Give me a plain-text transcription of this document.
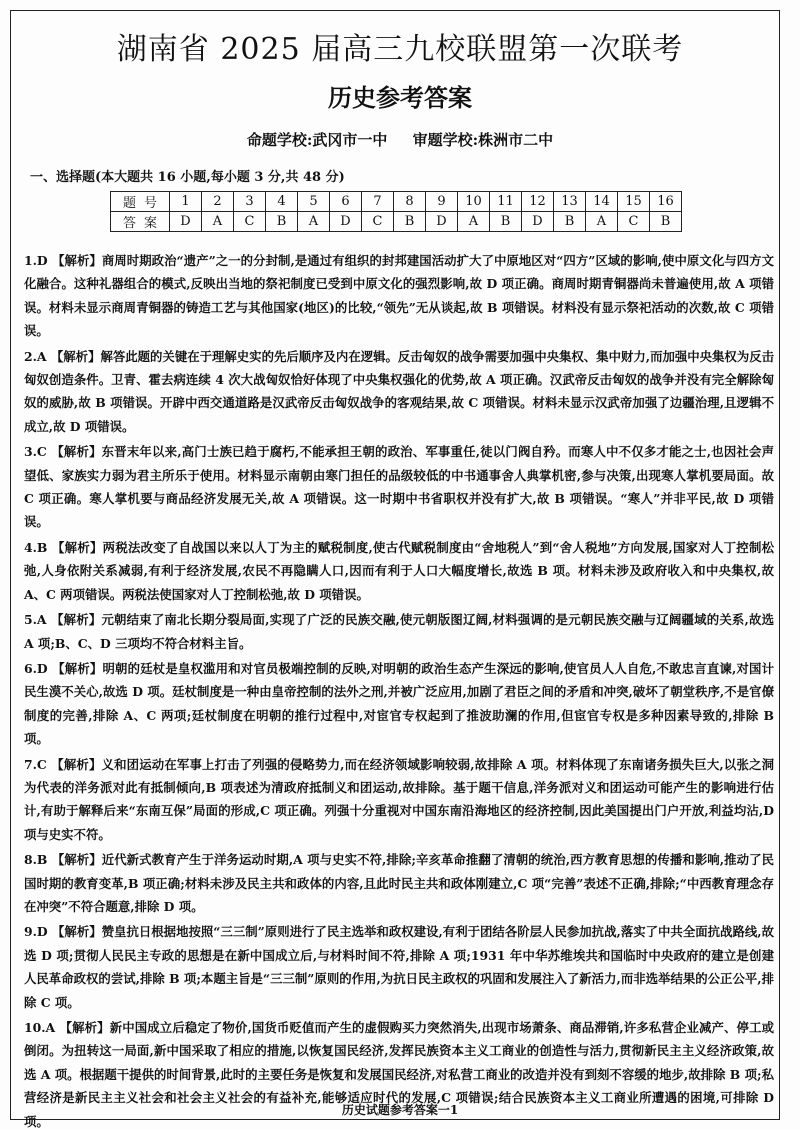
湖南省 2025 届高三九校联盟第一次联考
历史参考答案
命题学校:武冈市一中 审题学校:株洲市二中
一、选择题(本大题共 16 小题,每小题 3 分,共 48 分)
题号	1	2	3	4	5	6	7	8	9	10	11	12	13	14	15	16
答案	D	A	C	B	A	D	C	B	D	A	B	D	B	A	C	B

1.D 【解析】商周时期政治“遗产”之一的分封制,是通过有组织的封邦建国活动扩大了中原地区对“四方”区域的影响,使中原文化与四方文化融合。这种礼器组合的模式,反映出当地的祭祀制度已受到中原文化的强烈影响,故 D 项正确。商周时期青铜器尚未普遍使用,故 A 项错误。材料未显示商周青铜器的铸造工艺与其他国家(地区)的比较,“领先”无从谈起,故 B 项错误。材料没有显示祭祀活动的次数,故 C 项错误。

2.A 【解析】解答此题的关键在于理解史实的先后顺序及内在逻辑。反击匈奴的战争需要加强中央集权、集中财力,而加强中央集权为反击匈奴创造条件。卫青、霍去病连续 4 次大战匈奴恰好体现了中央集权强化的优势,故 A 项正确。汉武帝反击匈奴的战争并没有完全解除匈奴的威胁,故 B 项错误。开辟中西交通道路是汉武帝反击匈奴战争的客观结果,故 C 项错误。材料未显示汉武帝加强了边疆治理,且逻辑不成立,故 D 项错误。

3.C 【解析】东晋末年以来,高门士族已趋于腐朽,不能承担王朝的政治、军事重任,徒以门阀自矜。而寒人中不仅多才能之士,也因社会声望低、家族实力弱为君主所乐于使用。材料显示南朝由寒门担任的品级较低的中书通事舍人典掌机密,参与决策,出现寒人掌机要局面。故 C 项正确。寒人掌机要与商品经济发展无关,故 A 项错误。这一时期中书省职权并没有扩大,故 B 项错误。“寒人”并非平民,故 D 项错误。

4.B 【解析】两税法改变了自战国以来以人丁为主的赋税制度,使古代赋税制度由“舍地税人”到“舍人税地”方向发展,国家对人丁控制松弛,人身依附关系减弱,有利于经济发展,农民不再隐瞒人口,因而有利于人口大幅度增长,故选 B 项。材料未涉及政府收入和中央集权,故 A、C 两项错误。两税法使国家对人丁控制松弛,故 D 项错误。

5.A 【解析】元朝结束了南北长期分裂局面,实现了广泛的民族交融,使元朝版图辽阔,材料强调的是元朝民族交融与辽阔疆域的关系,故选 A 项;B、C、D 三项均不符合材料主旨。

6.D 【解析】明朝的廷杖是皇权滥用和对官员极端控制的反映,对明朝的政治生态产生深远的影响,使官员人人自危,不敢忠言直谏,对国计民生漠不关心,故选 D 项。廷杖制度是一种由皇帝控制的法外之刑,并被广泛应用,加剧了君臣之间的矛盾和冲突,破坏了朝堂秩序,不是官僚制度的完善,排除 A、C 两项;廷杖制度在明朝的推行过程中,对宦官专权起到了推波助澜的作用,但宦官专权是多种因素导致的,排除 B 项。

7.C 【解析】义和团运动在军事上打击了列强的侵略势力,而在经济领域影响较弱,故排除 A 项。材料体现了东南诸务损失巨大,以张之洞为代表的洋务派对此有抵制倾向,B 项表述为清政府抵制义和团运动,故排除。基于题干信息,洋务派对义和团运动可能产生的影响进行估计,有助于解释后来“东南互保”局面的形成,C 项正确。列强十分重视对中国东南沿海地区的经济控制,因此美国提出门户开放,利益均沾,D 项与史实不符。

8.B 【解析】近代新式教育产生于洋务运动时期,A 项与史实不符,排除;辛亥革命推翻了清朝的统治,西方教育思想的传播和影响,推动了民国时期的教育变革,B 项正确;材料未涉及民主共和政体的内容,且此时民主共和政体刚建立,C 项“完善”表述不正确,排除;“中西教育理念存在冲突”不符合题意,排除 D 项。

9.D 【解析】赞皇抗日根据地按照“三三制”原则进行了民主选举和政权建设,有利于团结各阶层人民参加抗战,落实了中共全面抗战路线,故选 D 项;贯彻人民民主专政的思想是在新中国成立后,与材料时间不符,排除 A 项;1931 年中华苏维埃共和国临时中央政府的建立是创建人民革命政权的尝试,排除 B 项;本题主旨是“三三制”原则的作用,为抗日民主政权的巩固和发展注入了新活力,而非选举结果的公正公平,排除 C 项。

10.A 【解析】新中国成立后稳定了物价,国货币贬值而产生的虚假购买力突然消失,出现市场萧条、商品滞销,许多私营企业减产、停工或倒闭。为扭转这一局面,新中国采取了相应的措施,以恢复国民经济,发挥民族资本主义工商业的创造性与活力,贯彻新民主主义经济政策,故选 A 项。根据题干提供的时间背景,此时的主要任务是恢复和发展国民经济,对私营工商业的改造并没有到刻不容缓的地步,故排除 B 项;私营经济是新民主主义社会和社会主义社会的有益补充,能够适应时代的发展,C 项错误;结合民族资本主义工商业所遭遇的困境,可排除 D 项。

历史试题参考答案一1
